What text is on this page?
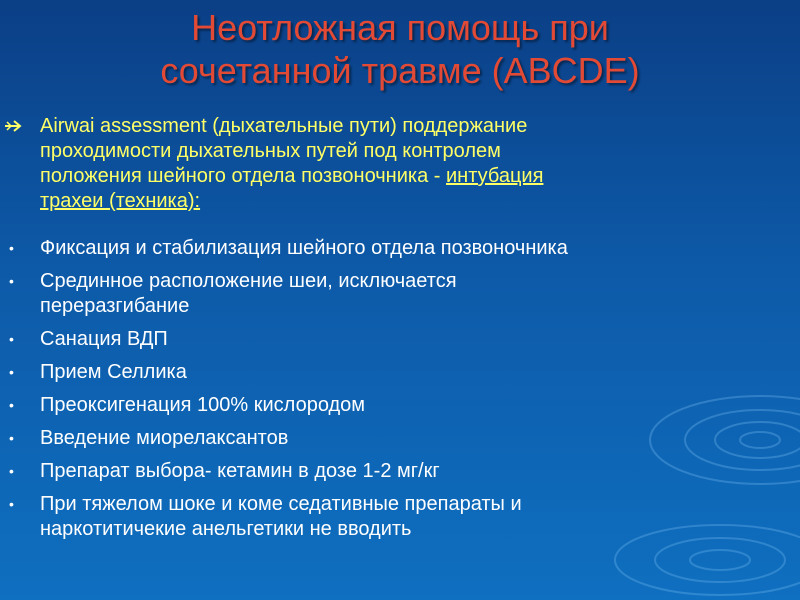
Неотложная помощь при
сочетанной травме (ABCDE)
Airwai assessment (дыхательные пути) поддержание
проходимости дыхательных путей под контролем
положения шейного отдела позвоночника - интубация
трахеи (техника):
• Фиксация и стабилизация шейного отдела позвоночника
• Срединное расположение шеи, исключается
переразгибание
• Санация ВДП
• Прием Селлика
• Преоксигенация 100% кислородом
• Введение миорелаксантов
• Препарат выбора- кетамин в дозе 1-2 мг/кг
• При тяжелом шоке и коме седативные препараты и
наркотитичекие анельгетики не вводить
